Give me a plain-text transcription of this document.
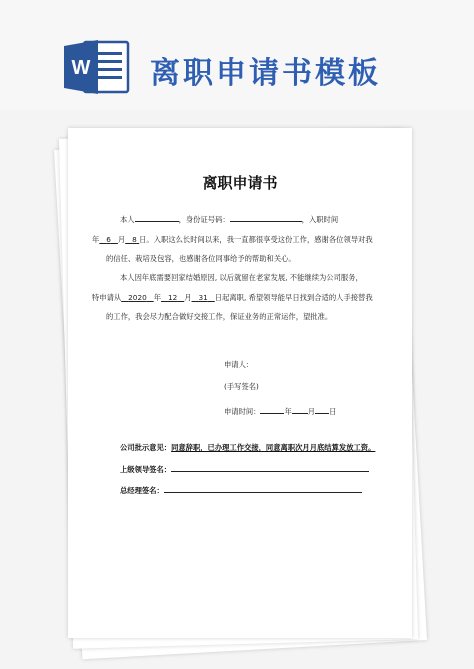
W 离职申请书模板
离职申请书
本人	，身份证号码：	，入职时间
年 6 月 8 日。入职这么长时间以来，我一直都很享受这份工作，感谢各位领导对我的信任、栽培及包容，也感谢各位同事给予的帮助和关心。
本人因年底需要回家结婚原因, 以后就留在老家发展, 不能继续为公司服务，
特申请从 2020 年 12 月 31 日起离职, 希望领导能早日找到合适的人手接替我的工作，我会尽力配合做好交接工作，保证业务的正常运作，望批准。
申请人：
(手写签名)
申请时间：	年 月 日
公司批示意见：同意辞职，已办理工作交接，同意离职次月月底结算发放工资。
上级领导签名：
总经理签名：
